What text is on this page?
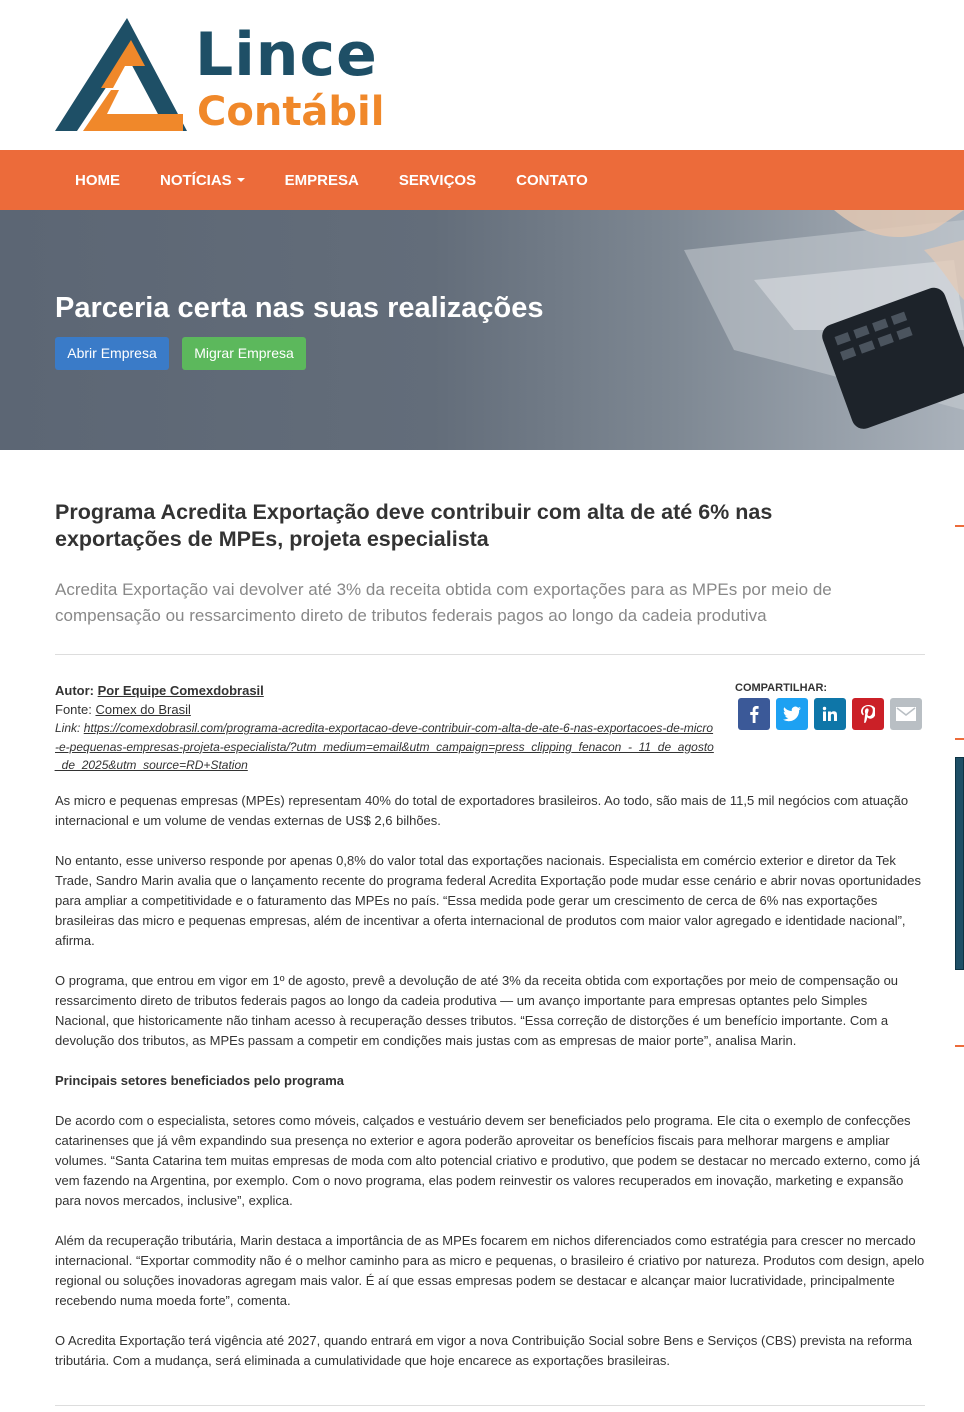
Lince
Contábil
HOME	NOTÍCIAS	EMPRESA	SERVIÇOS	CONTATO
Parceria certa nas suas realizações
Abrir Empresa	Migrar Empresa
Programa Acredita Exportação deve contribuir com alta de até 6% nas exportações de MPEs, projeta especialista
Acredita Exportação vai devolver até 3% da receita obtida com exportações para as MPEs por meio de compensação ou ressarcimento direto de tributos federais pagos ao longo da cadeia produtiva
Autor: Por Equipe Comexdobrasil
Fonte: Comex do Brasil
Link: https://comexdobrasil.com/programa-acredita-exportacao-deve-contribuir-com-alta-de-ate-6-nas-exportacoes-de-micro-e-pequenas-empresas-projeta-especialista/?utm_medium=email&utm_campaign=press_clipping_fenacon_-_11_de_agosto_de_2025&utm_source=RD+Station
COMPARTILHAR:

As micro e pequenas empresas (MPEs) representam 40% do total de exportadores brasileiros. Ao todo, são mais de 11,5 mil negócios com atuação internacional e um volume de vendas externas de US$ 2,6 bilhões.

No entanto, esse universo responde por apenas 0,8% do valor total das exportações nacionais. Especialista em comércio exterior e diretor da Tek Trade, Sandro Marin avalia que o lançamento recente do programa federal Acredita Exportação pode mudar esse cenário e abrir novas oportunidades para ampliar a competitividade e o faturamento das MPEs no país. “Essa medida pode gerar um crescimento de cerca de 6% nas exportações brasileiras das micro e pequenas empresas, além de incentivar a oferta internacional de produtos com maior valor agregado e identidade nacional”, afirma.

O programa, que entrou em vigor em 1º de agosto, prevê a devolução de até 3% da receita obtida com exportações por meio de compensação ou ressarcimento direto de tributos federais pagos ao longo da cadeia produtiva — um avanço importante para empresas optantes pelo Simples Nacional, que historicamente não tinham acesso à recuperação desses tributos. “Essa correção de distorções é um benefício importante. Com a devolução dos tributos, as MPEs passam a competir em condições mais justas com as empresas de maior porte”, analisa Marin.

Principais setores beneficiados pelo programa

De acordo com o especialista, setores como móveis, calçados e vestuário devem ser beneficiados pelo programa. Ele cita o exemplo de confecções catarinenses que já vêm expandindo sua presença no exterior e agora poderão aproveitar os benefícios fiscais para melhorar margens e ampliar volumes. “Santa Catarina tem muitas empresas de moda com alto potencial criativo e produtivo, que podem se destacar no mercado externo, como já vem fazendo na Argentina, por exemplo. Com o novo programa, elas podem reinvestir os valores recuperados em inovação, marketing e expansão para novos mercados, inclusive”, explica.

Além da recuperação tributária, Marin destaca a importância de as MPEs focarem em nichos diferenciados como estratégia para crescer no mercado internacional. “Exportar commodity não é o melhor caminho para as micro e pequenas, o brasileiro é criativo por natureza. Produtos com design, apelo regional ou soluções inovadoras agregam mais valor. É aí que essas empresas podem se destacar e alcançar maior lucratividade, principalmente recebendo numa moeda forte”, comenta.

O Acredita Exportação terá vigência até 2027, quando entrará em vigor a nova Contribuição Social sobre Bens e Serviços (CBS) prevista na reforma tributária. Com a mudança, será eliminada a cumulatividade que hoje encarece as exportações brasileiras.
